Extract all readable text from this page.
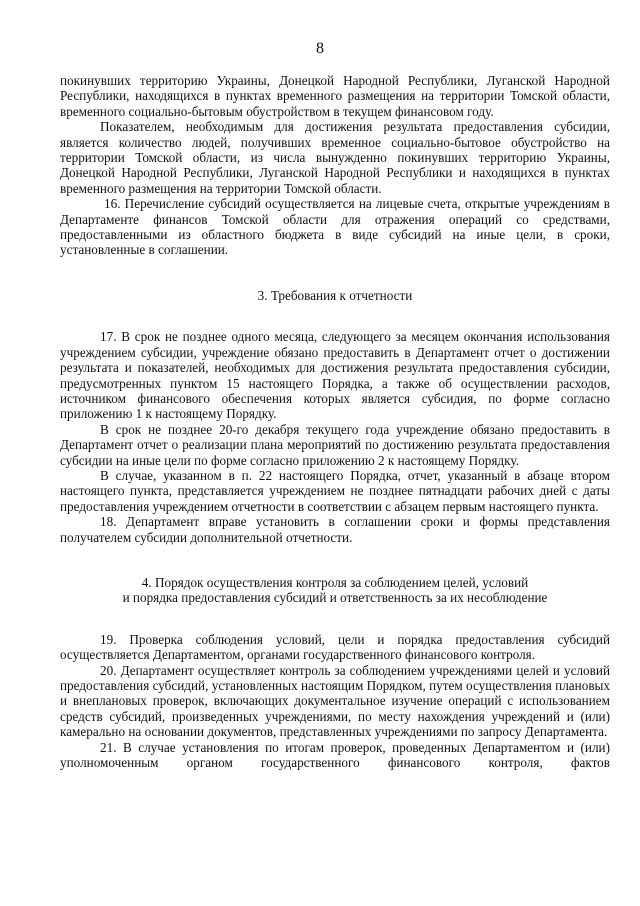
8

покинувших территорию Украины, Донецкой Народной Республики, Луганской Народной Республики, находящихся в пунктах временного размещения на территории Томской области, временного социально-бытовым обустройством в текущем финансовом году.

Показателем, необходимым для достижения результата предоставления субсидии, является количество людей, получивших временное социально-бытовое обустройство на территории Томской области, из числа вынужденно покинувших территорию Украины, Донецкой Народной Республики, Луганской Народной Республики и находящихся в пунктах временного размещения на территории Томской области.

16. Перечисление субсидий осуществляется на лицевые счета, открытые учреждениям в Департаменте финансов Томской области для отражения операций со средствами, предоставленными из областного бюджета в виде субсидий на иные цели, в сроки, установленные в соглашении.

3. Требования к отчетности

17. В срок не позднее одного месяца, следующего за месяцем окончания использования учреждением субсидии, учреждение обязано предоставить в Департамент отчет о достижении результата и показателей, необходимых для достижения результата предоставления субсидии, предусмотренных пунктом 15 настоящего Порядка, а также об осуществлении расходов, источником финансового обеспечения которых является субсидия, по форме согласно приложению 1 к настоящему Порядку.

В срок не позднее 20-го декабря текущего года учреждение обязано предоставить в Департамент отчет о реализации плана мероприятий по достижению результата предоставления субсидии на иные цели по форме согласно приложению 2 к настоящему Порядку.

В случае, указанном в п. 22 настоящего Порядка, отчет, указанный в абзаце втором настоящего пункта, представляется учреждением не позднее пятнадцати рабочих дней с даты предоставления учреждением отчетности в соответствии с абзацем первым настоящего пункта.

18. Департамент вправе установить в соглашении сроки и формы представления получателем субсидии дополнительной отчетности.

4. Порядок осуществления контроля за соблюдением целей, условий

и порядка предоставления субсидий и ответственность за их несоблюдение

19. Проверка соблюдения условий, цели и порядка предоставления субсидий осуществляется Департаментом, органами государственного финансового контроля.

20. Департамент осуществляет контроль за соблюдением учреждениями целей и условий предоставления субсидий, установленных настоящим Порядком, путем осуществления плановых и внеплановых проверок, включающих документальное изучение операций с использованием средств субсидий, произведенных учреждениями, по месту нахождения учреждений и (или) камерально на основании документов, представленных учреждениями по запросу Департамента.

21. В случае установления по итогам проверок, проведенных Департаментом и (или) уполномоченным органом государственного финансового контроля, фактов
